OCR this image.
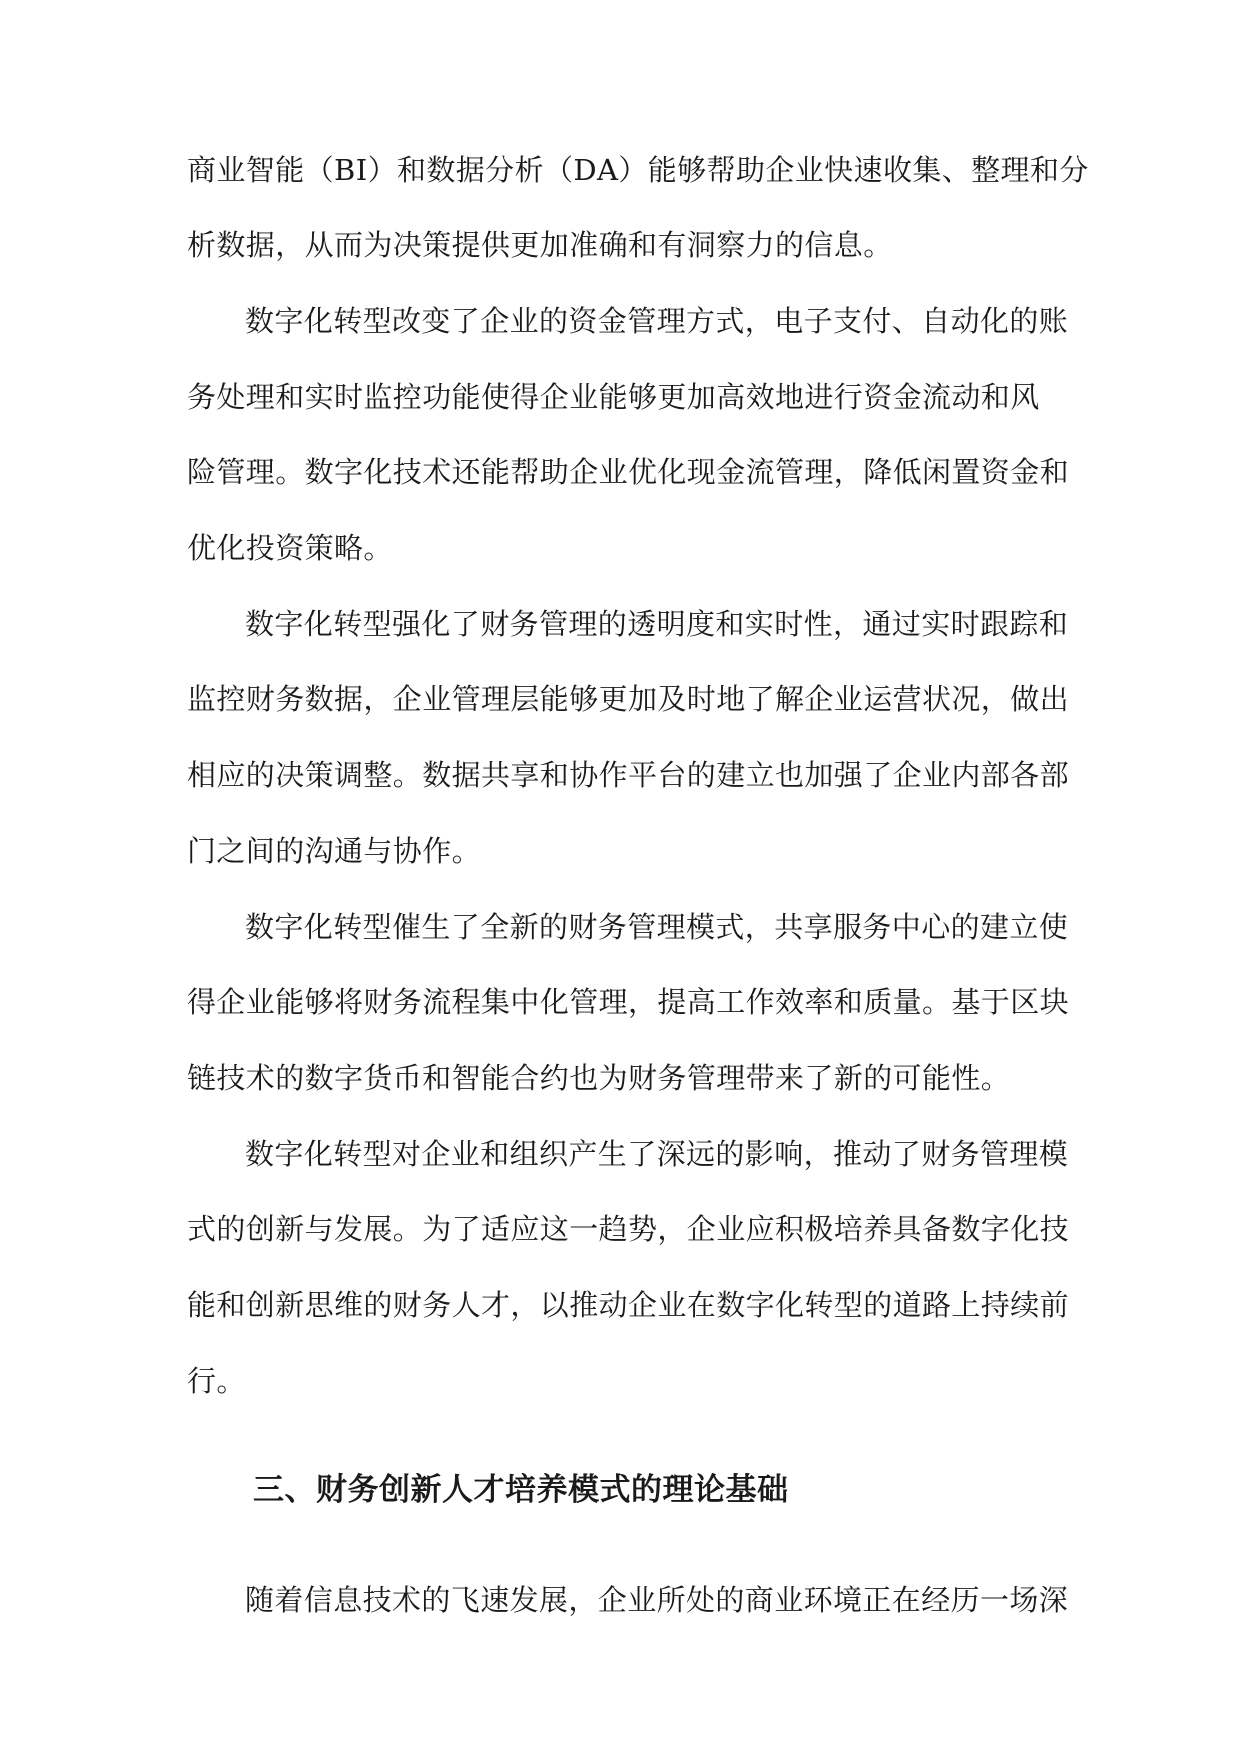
商业智能（BI）和数据分析（DA）能够帮助企业快速收集、整理和分
析数据，从而为决策提供更加准确和有洞察力的信息。
数字化转型改变了企业的资金管理方式，电子支付、自动化的账
务处理和实时监控功能使得企业能够更加高效地进行资金流动和风
险管理。数字化技术还能帮助企业优化现金流管理，降低闲置资金和
优化投资策略。
数字化转型强化了财务管理的透明度和实时性，通过实时跟踪和
监控财务数据，企业管理层能够更加及时地了解企业运营状况，做出
相应的决策调整。数据共享和协作平台的建立也加强了企业内部各部
门之间的沟通与协作。
数字化转型催生了全新的财务管理模式，共享服务中心的建立使
得企业能够将财务流程集中化管理，提高工作效率和质量。基于区块
链技术的数字货币和智能合约也为财务管理带来了新的可能性。
数字化转型对企业和组织产生了深远的影响，推动了财务管理模
式的创新与发展。为了适应这一趋势，企业应积极培养具备数字化技
能和创新思维的财务人才，以推动企业在数字化转型的道路上持续前
行。
三、财务创新人才培养模式的理论基础
随着信息技术的飞速发展，企业所处的商业环境正在经历一场深
